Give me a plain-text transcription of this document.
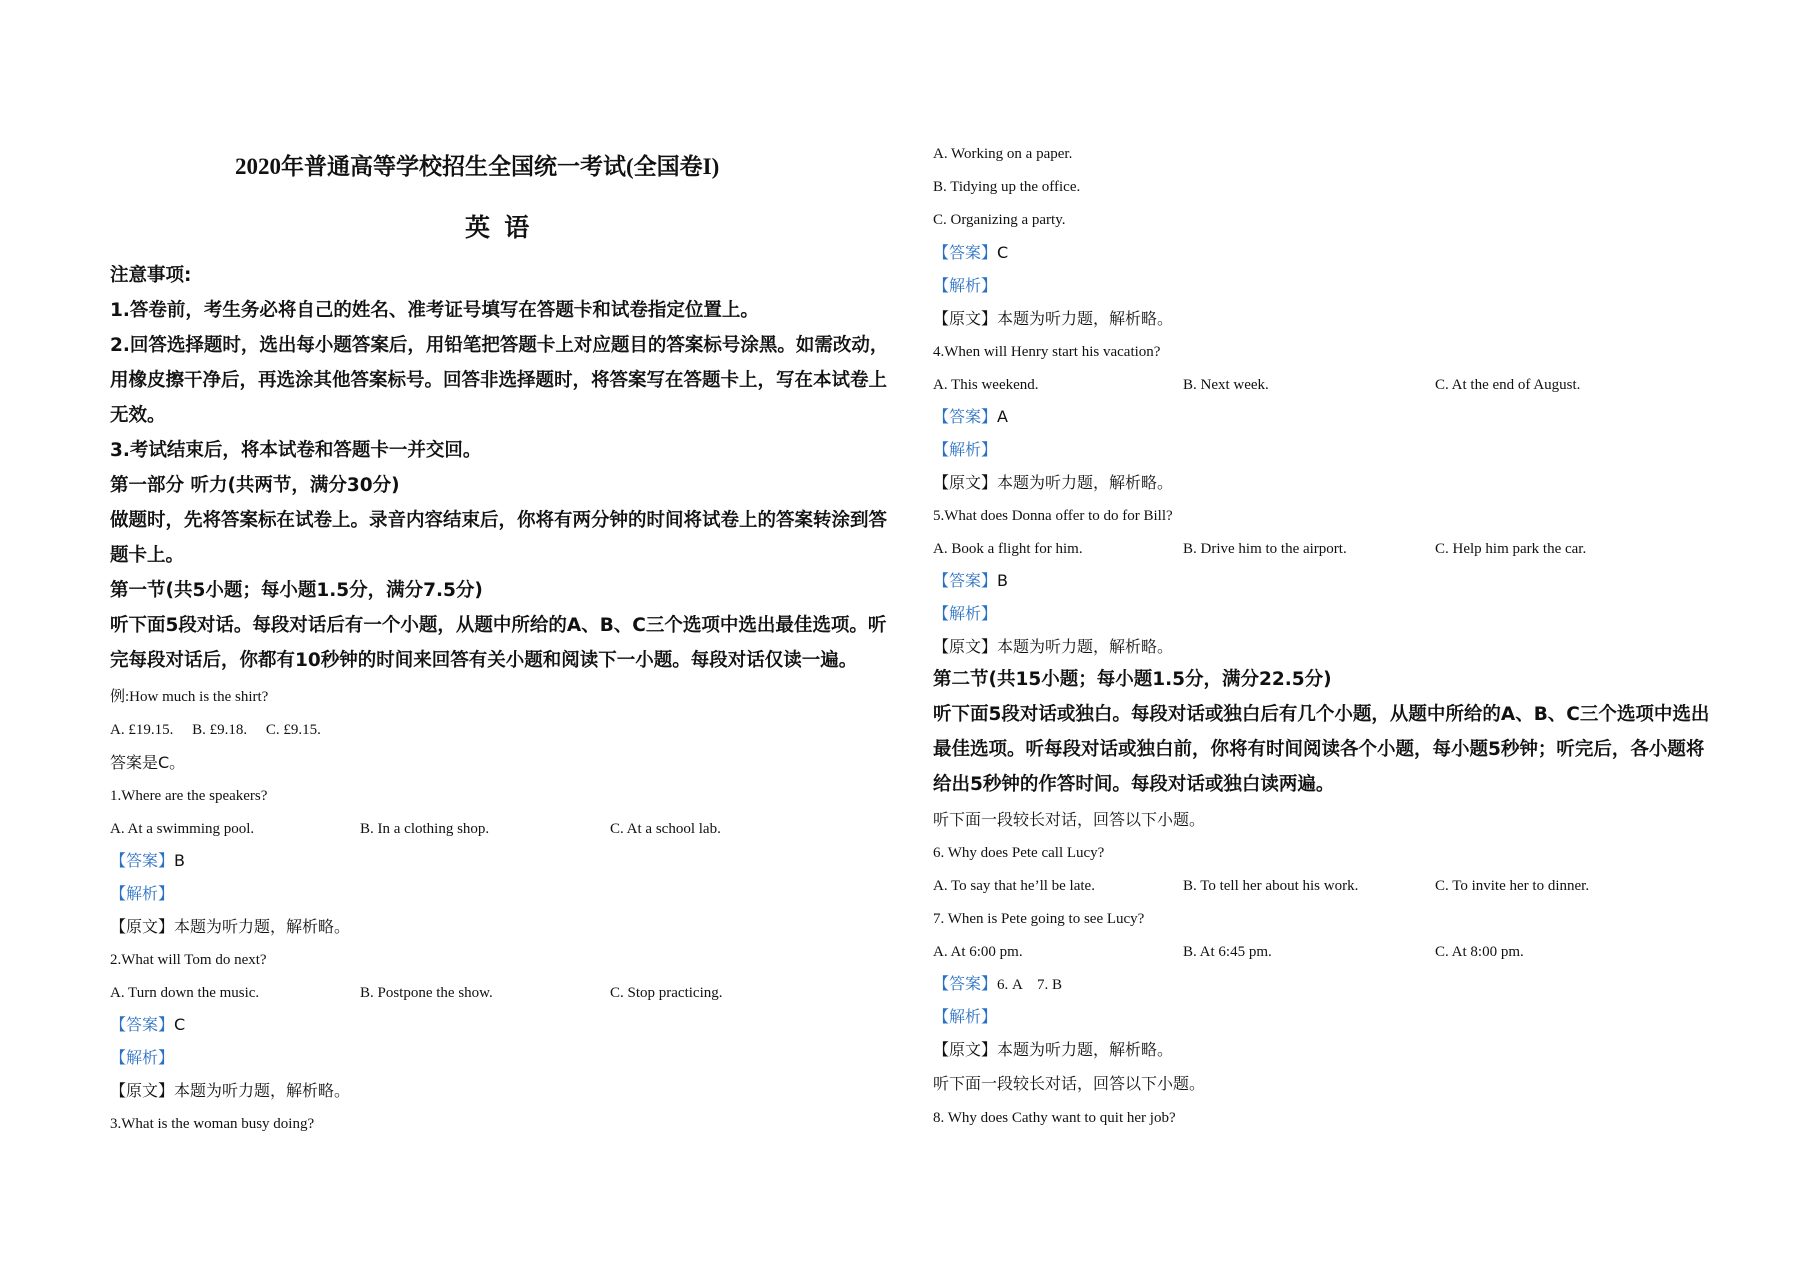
2020年普通高等学校招生全国统一考试(全国卷I)
英 语
注意事项:
1.答卷前，考生务必将自己的姓名、准考证号填写在答题卡和试卷指定位置上。
2.回答选择题时，选出每小题答案后，用铅笔把答题卡上对应题目的答案标号涂黑。如需改动，
用橡皮擦干净后，再选涂其他答案标号。回答非选择题时，将答案写在答题卡上，写在本试卷上
无效。
3.考试结束后，将本试卷和答题卡一并交回。
第一部分 听力(共两节，满分30分)
做题时，先将答案标在试卷上。录音内容结束后，你将有两分钟的时间将试卷上的答案转涂到答
题卡上。
第一节(共5小题；每小题1.5分，满分7.5分)
听下面5段对话。每段对话后有一个小题，从题中所给的A、B、C三个选项中选出最佳选项。听
完每段对话后，你都有10秒钟的时间来回答有关小题和阅读下一小题。每段对话仅读一遍。
例:How much is the shirt?
A. £19.15.     B. £9.18.     C. £9.15.
答案是C。
1.Where are the speakers?
A. At a swimming pool.	B. In a clothing shop.	C. At a school lab.
【答案】B
【解析】
【原文】本题为听力题，解析略。
2.What will Tom do next?
A. Turn down the music.	B. Postpone the show.	C. Stop practicing.
【答案】C
【解析】
【原文】本题为听力题，解析略。
3.What is the woman busy doing?
A. Working on a paper.
B. Tidying up the office.
C. Organizing a party.
【答案】C
【解析】
【原文】本题为听力题，解析略。
4.When will Henry start his vacation?
A. This weekend.	B. Next week.	C. At the end of August.
【答案】A
【解析】
【原文】本题为听力题，解析略。
5.What does Donna offer to do for Bill?
A. Book a flight for him.	B. Drive him to the airport.	C. Help him park the car.
【答案】B
【解析】
【原文】本题为听力题，解析略。
第二节(共15小题；每小题1.5分，满分22.5分)
听下面5段对话或独白。每段对话或独白后有几个小题，从题中所给的A、B、C三个选项中选出
最佳选项。听每段对话或独白前，你将有时间阅读各个小题，每小题5秒钟；听完后，各小题将
给出5秒钟的作答时间。每段对话或独白读两遍。
听下面一段较长对话，回答以下小题。
6. Why does Pete call Lucy?
A. To say that he’ll be late.	B. To tell her about his work.	C. To invite her to dinner.
7. When is Pete going to see Lucy?
A. At 6:00 pm.	B. At 6:45 pm.	C. At 8:00 pm.
【答案】6. A    7. B
【解析】
【原文】本题为听力题，解析略。
听下面一段较长对话，回答以下小题。
8. Why does Cathy want to quit her job?
